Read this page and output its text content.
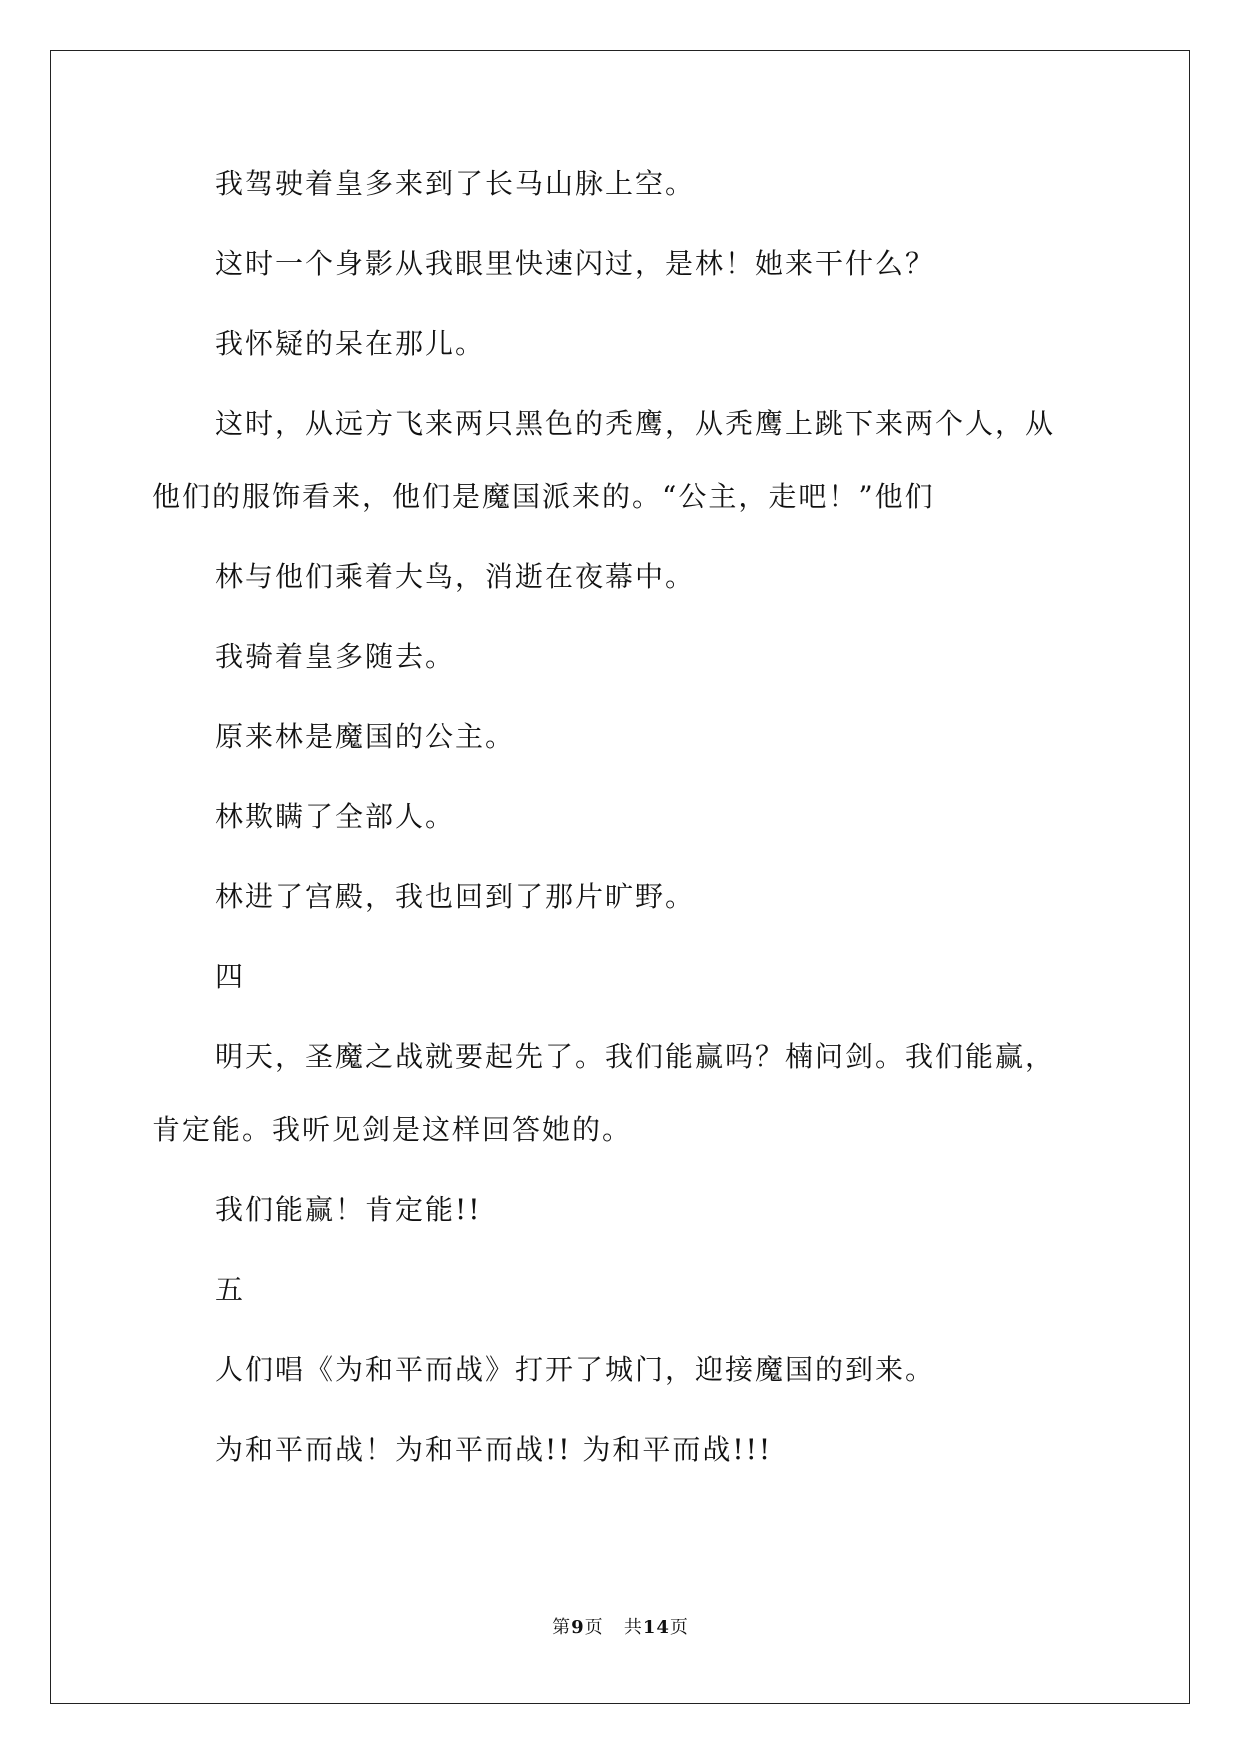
我驾驶着皇多来到了长马山脉上空。

这时一个身影从我眼里快速闪过，是林！她来干什么？

我怀疑的呆在那儿。

这时，从远方飞来两只黑色的秃鹰，从秃鹰上跳下来两个人，从

他们的服饰看来，他们是魔国派来的。“公主，走吧！”他们

林与他们乘着大鸟，消逝在夜幕中。

我骑着皇多随去。

原来林是魔国的公主。

林欺瞒了全部人。

林进了宫殿，我也回到了那片旷野。

四

明天，圣魔之战就要起先了。我们能赢吗？楠问剑。我们能赢，

肯定能。我听见剑是这样回答她的。

我们能赢！肯定能!!

五

人们唱《为和平而战》打开了城门，迎接魔国的到来。

为和平而战！为和平而战!! 为和平而战!!!

第9页 共14页
